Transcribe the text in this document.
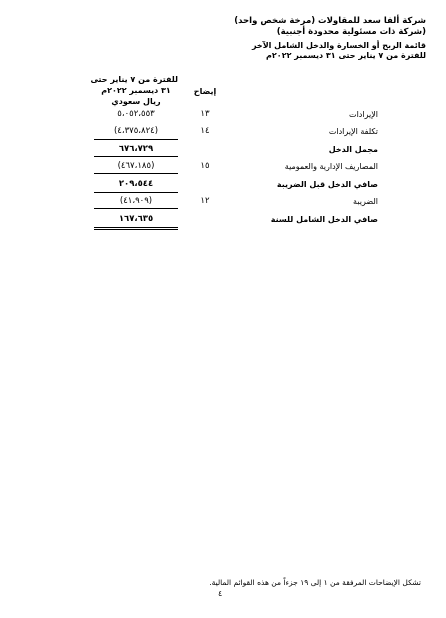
شركة ألفا سعد للمقاولات (مرخة شخص واحد)
(شركة ذات مسئولية محدودة أجنبية)
قائمة الربح أو الخسارة والدخل الشامل الآخر
للفترة من ٧ يناير حتى ٣١ ديسمبر ٢٠٢٢م
للفترة من ٧ يناير حتى
٣١ ديسمبر ٢٠٢٢م
ريال سعودي
إيضاح
الإيرادات
١٣
٥،٠٥٢،٥٥٣
تكلفة الإيرادات
١٤
(٤،٣٧٥،٨٢٤)
مجمل الدخل
٦٧٦،٧٢٩
المصاريف الإدارية والعمومية
١٥
(٤٦٧،١٨٥)
صافي الدخل قبل الضريبة
٢٠٩،٥٤٤
الضريبة
١٢
(٤١،٩٠٩)
صافي الدخل الشامل للسنة
١٦٧،٦٣٥
تشكل الإيضاحات المرفقة من ١ إلى ١٩ جزءاً من هذه القوائم المالية.
٤
